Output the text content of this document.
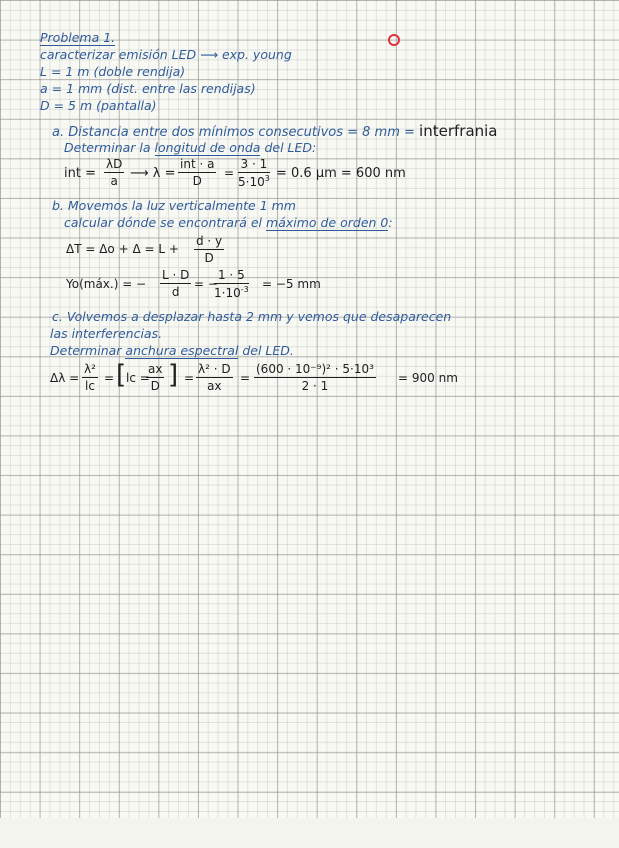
Problema 1.
caracterizar emisión LED ⟶ exp. young
L = 1 m (doble rendija)
a = 1 mm (dist. entre las rendijas)
D = 5 m (pantalla)
a. Distancia entre dos mínimos consecutivos = 8 mm = interfrania
Determinar la longitud de onda del LED:
int = $\frac{\lambda D}{a}$ ⟶ λ =
int · a
D
= $\frac{3 \cdot 1}{5\cdot 10^3} = 0.6$ μm = 600 nm
b. Movemos la luz verticalmente 1 mm
calcular dónde se encontrará el máximo de orden 0:
$\Delta T = \Delta o + \Delta = L + \frac{d \cdot y}{D}$
Yo(máx.) = − $\frac{L \cdot D}{d}$ = −
$\frac{1 \cdot 5}{1\cdot 10^{-3}} = -5$ mm
c. Volvemos a desplazar hasta 2 mm y vemos que desaparecen
las interferencias.
Determinar anchura espectral del LED.
$\Delta\lambda = \frac{\text{λ²}}{lc}$ = [ lc =
$\frac{ax}{D}$ ] = $\frac{\text{λ² · D}}{ax} = \frac{\text{(600 · 10⁻⁹)² · 5·10³}}{2 \cdot 1} = 900$ nm
